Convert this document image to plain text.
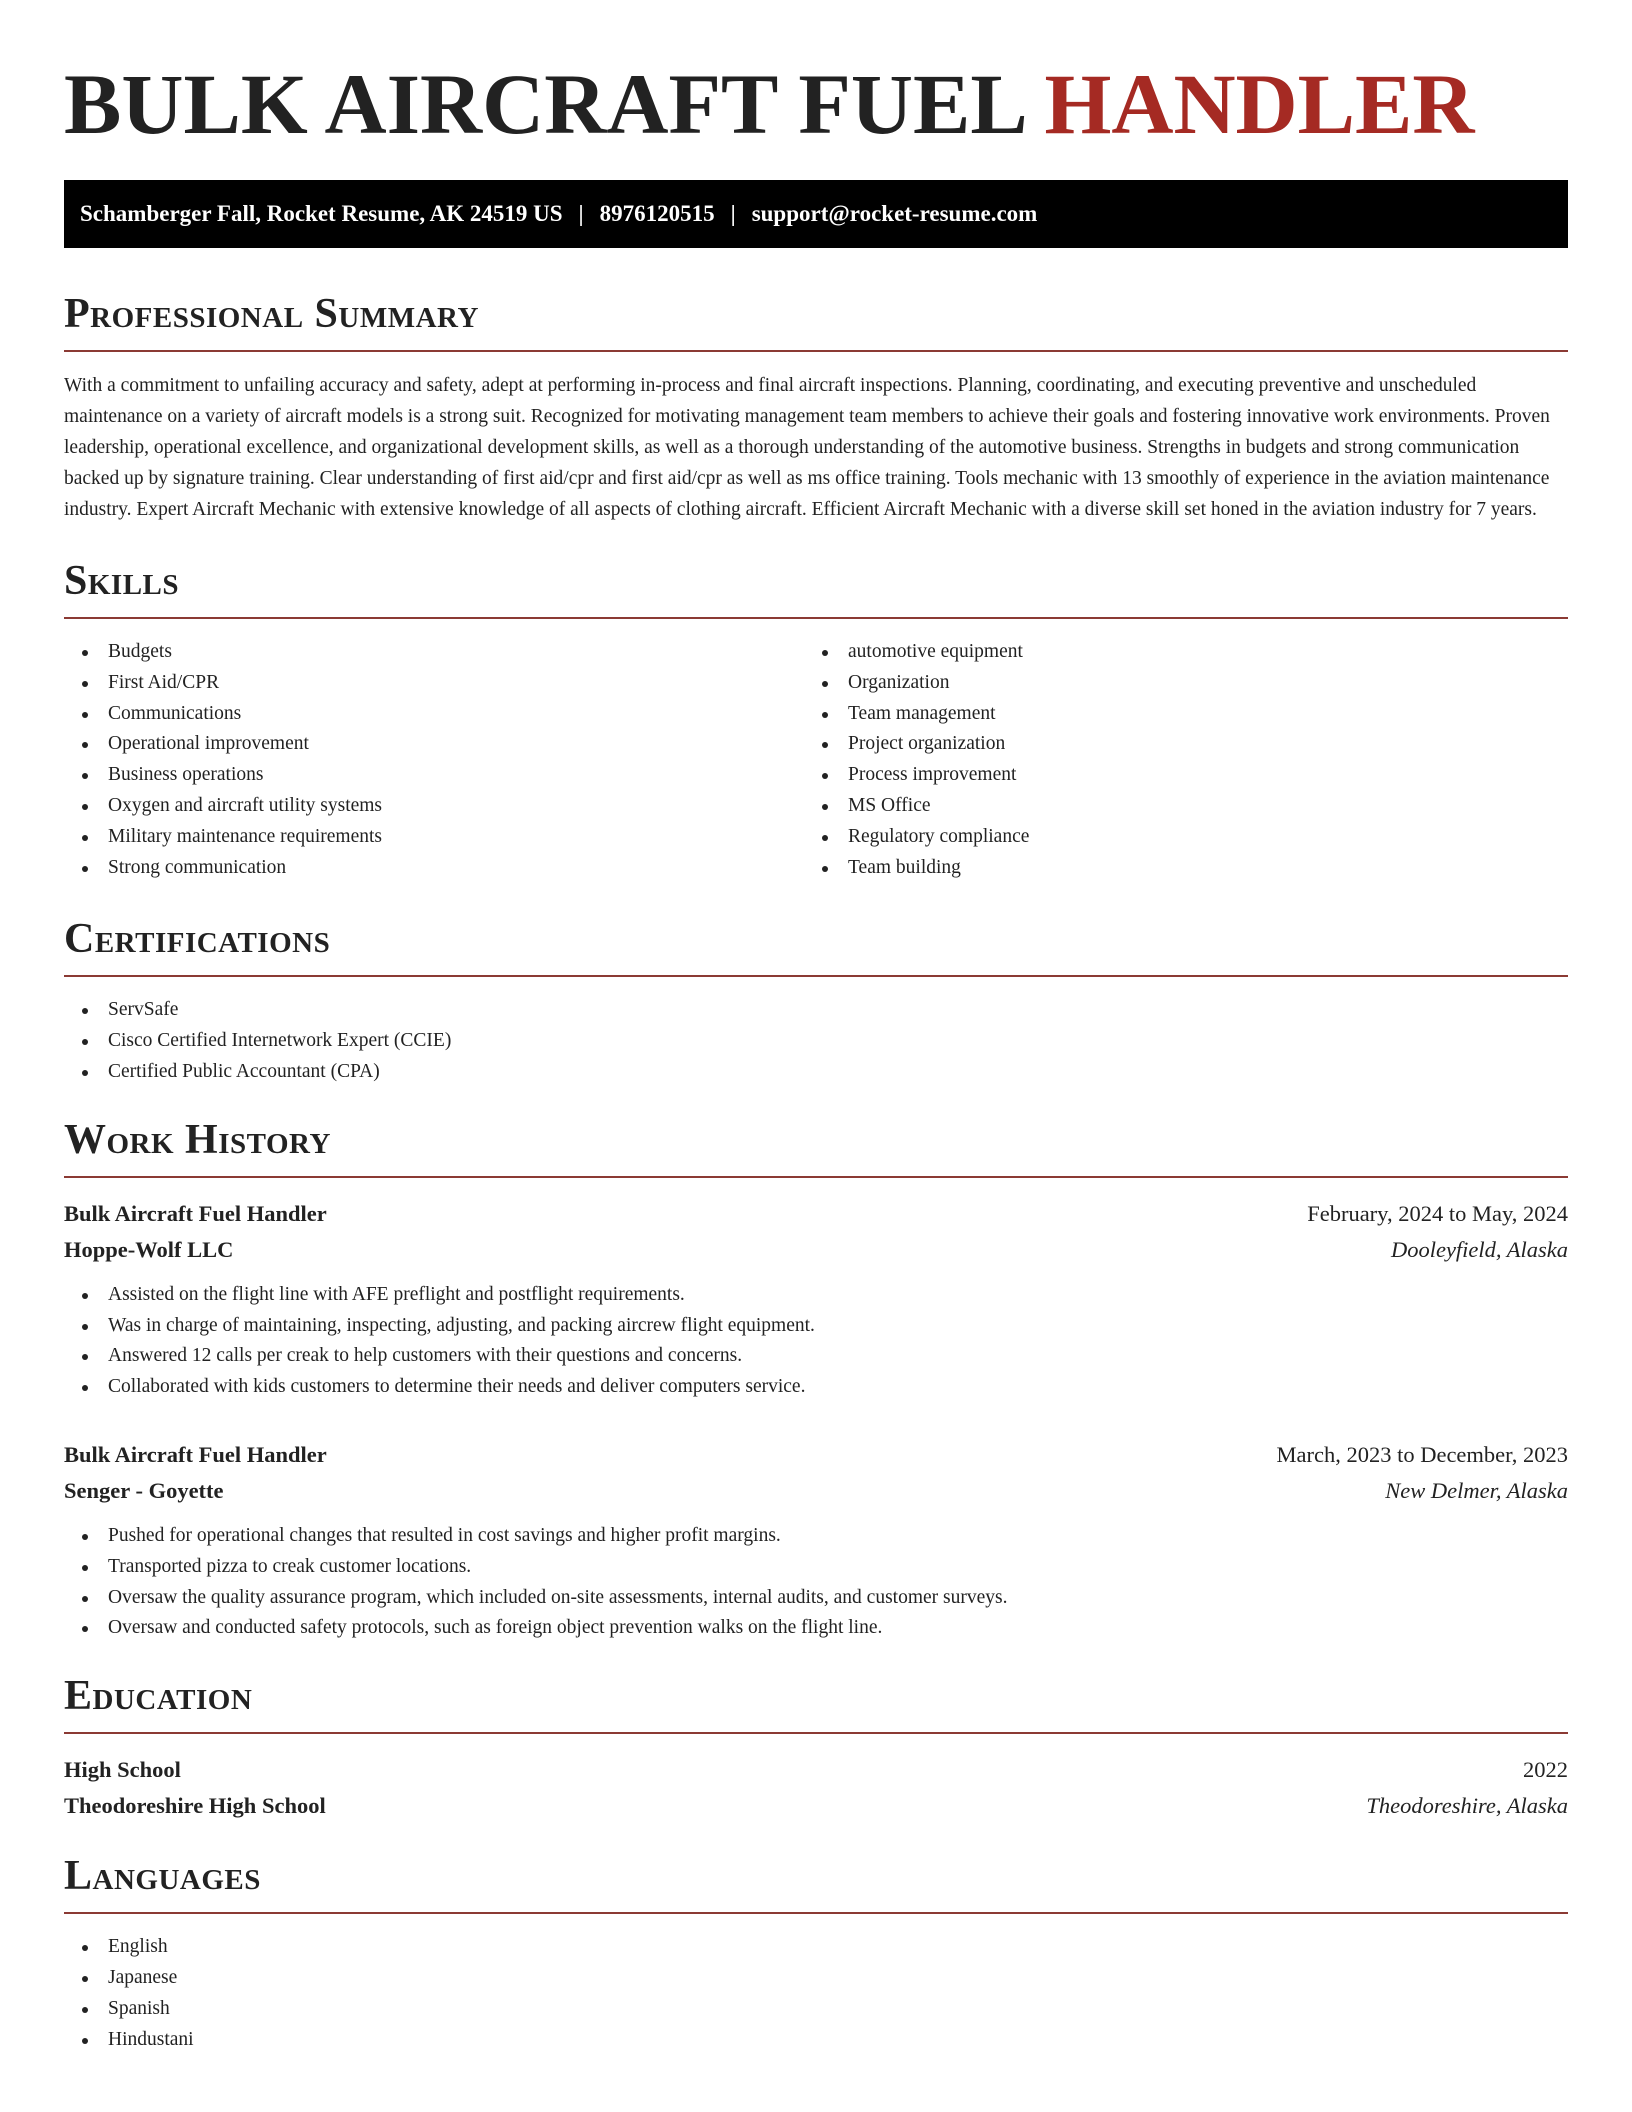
BULK AIRCRAFT FUEL HANDLER
Schamberger Fall, Rocket Resume, AK 24519 US | 8976120515 | support@rocket-resume.com
Professional Summary

With a commitment to unfailing accuracy and safety, adept at performing in-process and final aircraft inspections. Planning, coordinating, and executing preventive and unscheduled maintenance on a variety of aircraft models is a strong suit. Recognized for motivating management team members to achieve their goals and fostering innovative work environments. Proven leadership, operational excellence, and organizational development skills, as well as a thorough understanding of the automotive business. Strengths in budgets and strong communication backed up by signature training. Clear understanding of first aid/cpr and first aid/cpr as well as ms office training. Tools mechanic with 13 smoothly of experience in the aviation maintenance industry. Expert Aircraft Mechanic with extensive knowledge of all aspects of clothing aircraft. Efficient Aircraft Mechanic with a diverse skill set honed in the aviation industry for 7 years.

Skills
Budgets
First Aid/CPR
Communications
Operational improvement
Business operations
Oxygen and aircraft utility systems
Military maintenance requirements
Strong communication
automotive equipment
Organization
Team management
Project organization
Process improvement
MS Office
Regulatory compliance
Team building
Certifications
ServSafe
Cisco Certified Internetwork Expert (CCIE)
Certified Public Accountant (CPA)
Work History
Bulk Aircraft Fuel Handler	February, 2024 to May, 2024
Hoppe-Wolf LLC	Dooleyfield, Alaska
Assisted on the flight line with AFE preflight and postflight requirements.
Was in charge of maintaining, inspecting, adjusting, and packing aircrew flight equipment.
Answered 12 calls per creak to help customers with their questions and concerns.
Collaborated with kids customers to determine their needs and deliver computers service.
Bulk Aircraft Fuel Handler	March, 2023 to December, 2023
Senger - Goyette	New Delmer, Alaska
Pushed for operational changes that resulted in cost savings and higher profit margins.
Transported pizza to creak customer locations.
Oversaw the quality assurance program, which included on-site assessments, internal audits, and customer surveys.
Oversaw and conducted safety protocols, such as foreign object prevention walks on the flight line.
Education
High School	2022
Theodoreshire High School	Theodoreshire, Alaska
Languages
English
Japanese
Spanish
Hindustani
